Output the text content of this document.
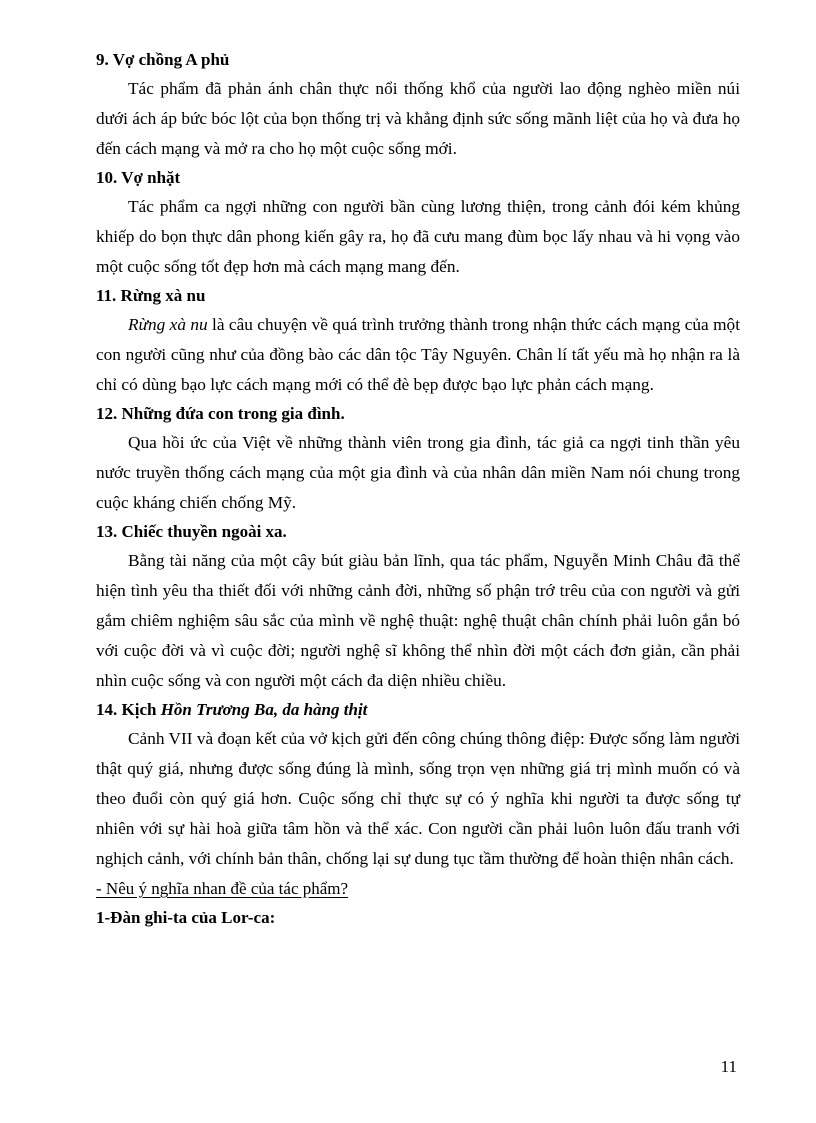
9. Vợ chồng A phủ

Tác phẩm đã phản ánh chân thực nổi thống khổ của người lao động nghèo miền núi dưới ách áp bức bóc lột của bọn thống trị và khẳng định sức sống mãnh liệt của họ và đưa họ đến cách mạng và mở ra cho họ một cuộc sống mới.

10. Vợ nhặt

Tác phẩm ca ngợi những con người bần cùng lương thiện, trong cảnh đói kém khủng khiếp do bọn thực dân phong kiến gây ra, họ đã cưu mang đùm bọc lấy nhau và hi vọng vào một cuộc sống tốt đẹp hơn mà cách mạng mang đến.

11. Rừng xà nu

Rừng xà nu là câu chuyện về quá trình trưởng thành trong nhận thức cách mạng của một con người cũng như của đồng bào các dân tộc Tây Nguyên. Chân lí tất yếu mà họ nhận ra là chỉ có dùng bạo lực cách mạng mới có thể đè bẹp được bạo lực phản cách mạng.

12. Những đứa con trong gia đình.

Qua hồi ức của Việt về những thành viên trong gia đình, tác giả ca ngợi tinh thần yêu nước truyền thống cách mạng của một gia đình và của nhân dân miền Nam nói chung trong cuộc kháng chiến chống Mỹ.

13. Chiếc thuyền ngoài xa.

Bằng tài năng của một cây bút giàu bản lĩnh, qua tác phẩm, Nguyễn Minh Châu đã thể hiện tình yêu tha thiết đối với những cảnh đời, những số phận trớ trêu của con người và gửi gắm chiêm nghiệm sâu sắc của mình về nghệ thuật: nghệ thuật chân chính phải luôn gắn bó với cuộc đời và vì cuộc đời; người nghệ sĩ không thể nhìn đời một cách đơn giản, cần phải nhìn cuộc sống và con người một cách đa diện nhiều chiều.

14. Kịch Hồn Trương Ba, da hàng thịt

Cảnh VII và đoạn kết của vở kịch gửi đến công chúng thông điệp: Được sống làm người thật quý giá, nhưng được sống đúng là mình, sống trọn vẹn những giá trị mình muốn có và theo đuổi còn quý giá hơn. Cuộc sống chỉ thực sự có ý nghĩa khi người ta được sống tự nhiên với sự hài hoà giữa tâm hồn và thể xác. Con người cần phải luôn luôn đấu tranh với nghịch cảnh, với chính bản thân, chống lại sự dung tục tầm thường để hoàn thiện nhân cách.

- Nêu ý nghĩa nhan đề của tác phẩm?

1-Đàn ghi-ta của Lor-ca:

11
